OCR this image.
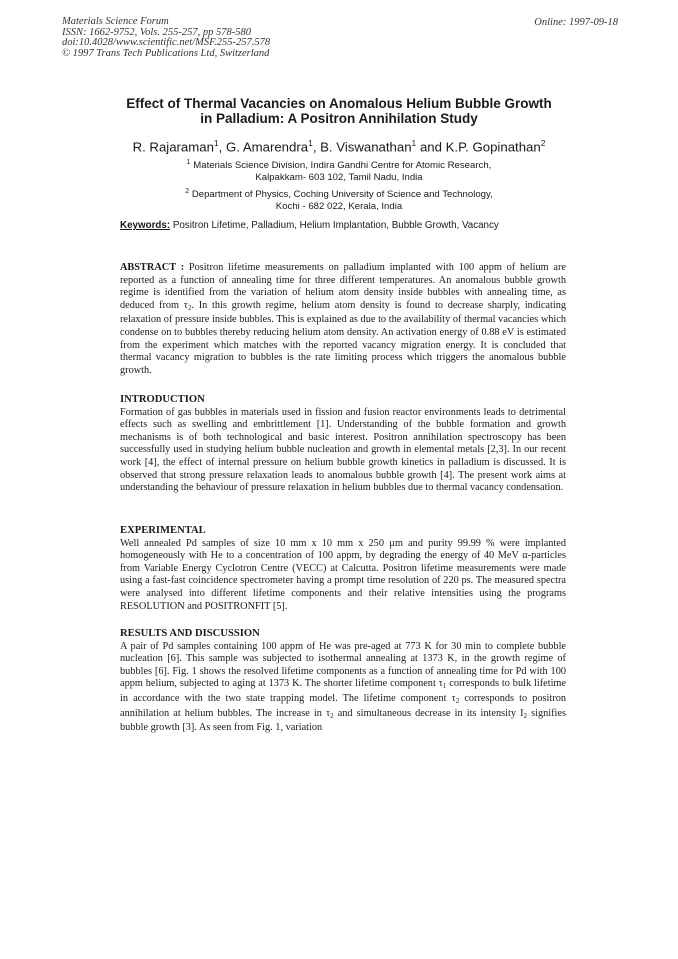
Materials Science Forum
ISSN: 1662-9752, Vols. 255-257, pp 578-580
doi:10.4028/www.scientific.net/MSF.255-257.578
© 1997 Trans Tech Publications Ltd, Switzerland
Online: 1997-09-18
Effect of Thermal Vacancies on Anomalous Helium Bubble Growth
in Palladium: A Positron Annihilation Study
R. Rajaraman$^1$, G. Amarendra$^1$, B. Viswanathan$^1$ and K.P. Gopinathan$^2$
$^1$ Materials Science Division, Indira Gandhi Centre for Atomic Research,
Kalpakkam- 603 102, Tamil Nadu, India
$^2$ Department of Physics, Coching University of Science and Technology,
Kochi - 682 022, Kerala, India
Keywords: Positron Lifetime, Palladium, Helium Implantation, Bubble Growth, Vacancy

ABSTRACT : Positron lifetime measurements on palladium implanted with 100 appm of helium are reported as a function of annealing time for three different temperatures. An anomalous bubble growth regime is identified from the variation of helium atom density inside bubbles with annealing time, as deduced from $\tau_2$. In this growth regime, helium atom density is found to decrease sharply, indicating relaxation of pressure inside bubbles. This is explained as due to the availability of thermal vacancies which condense on to bubbles thereby reducing helium atom density. An activation energy of 0.88 eV is estimated from the experiment which matches with the reported vacancy migration energy. It is concluded that thermal vacancy migration to bubbles is the rate limiting process which triggers the anomalous bubble growth.

INTRODUCTION

Formation of gas bubbles in materials used in fission and fusion reactor environments leads to detrimental effects such as swelling and embrittlement [1]. Understanding of the bubble formation and growth mechanisms is of both technological and basic interest. Positron annihilation spectroscopy has been successfully used in studying helium bubble nucleation and growth in elemental metals [2,3]. In our recent work [4], the effect of internal pressure on helium bubble growth kinetics in palladium is discussed. It is observed that strong pressure relaxation leads to anomalous bubble growth [4]. The present work aims at understanding the behaviour of pressure relaxation in helium bubbles due to thermal vacancy condensation.

EXPERIMENTAL

Well annealed Pd samples of size 10 mm x 10 mm x 250 µm and purity 99.99 % were implanted homogeneously with He to a concentration of 100 appm, by degrading the energy of 40 MeV α-particles from Variable Energy Cyclotron Centre (VECC) at Calcutta. Positron lifetime measurements were made using a fast-fast coincidence spectrometer having a prompt time resolution of 220 ps. The measured spectra were analysed into different lifetime components and their relative intensities using the programs RESOLUTION and POSITRONFIT [5].

RESULTS AND DISCUSSION

A pair of Pd samples containing 100 appm of He was pre-aged at 773 K for 30 min to complete bubble nucleation [6]. This sample was subjected to isothermal annealing at 1373 K, in the growth regime of bubbles [6]. Fig. 1 shows the resolved lifetime components as a function of annealing time for Pd with 100 appm helium, subjected to aging at 1373 K. The shorter lifetime component $\tau_1$ corresponds to bulk lifetime in accordance with the two state trapping model. The lifetime component $\tau_2$ corresponds to positron annihilation at helium bubbles. The increase in $\tau_2$ and simultaneous decrease in its intensity $I_2$ signifies bubble growth [3]. As seen from Fig. 1, variation
